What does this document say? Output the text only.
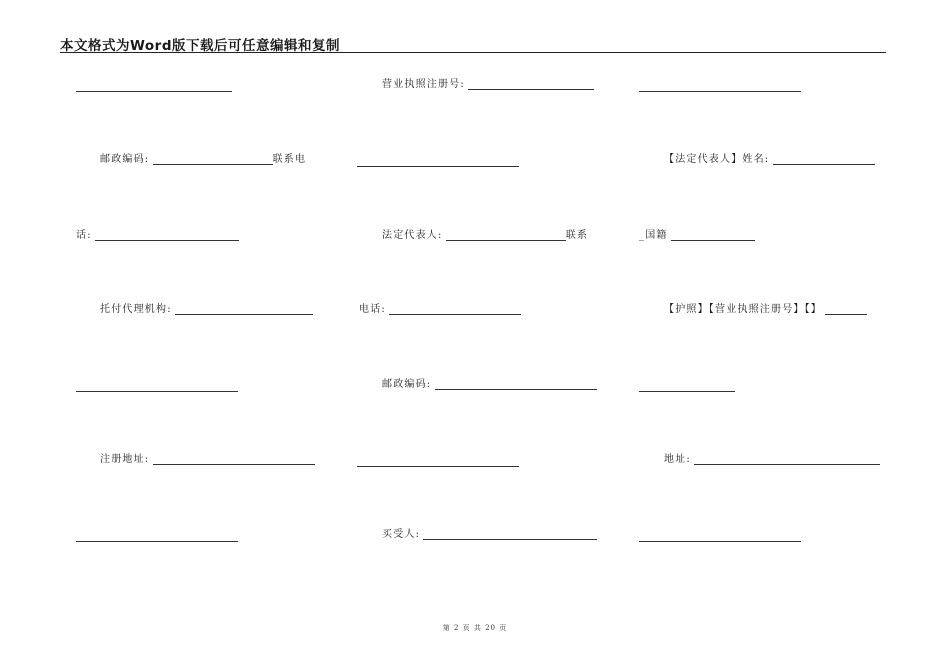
本文格式为Word版下载后可任意编辑和复制
营业执照注册号:
邮政编码:	联系电	【法定代表人】姓名:
话:	法定代表人:	联系	_国籍
托付代理机构:	电话:	【护照】【营业执照注册号】【】
邮政编码:
注册地址:	地址:
买受人:
第 2 页 共 20 页
